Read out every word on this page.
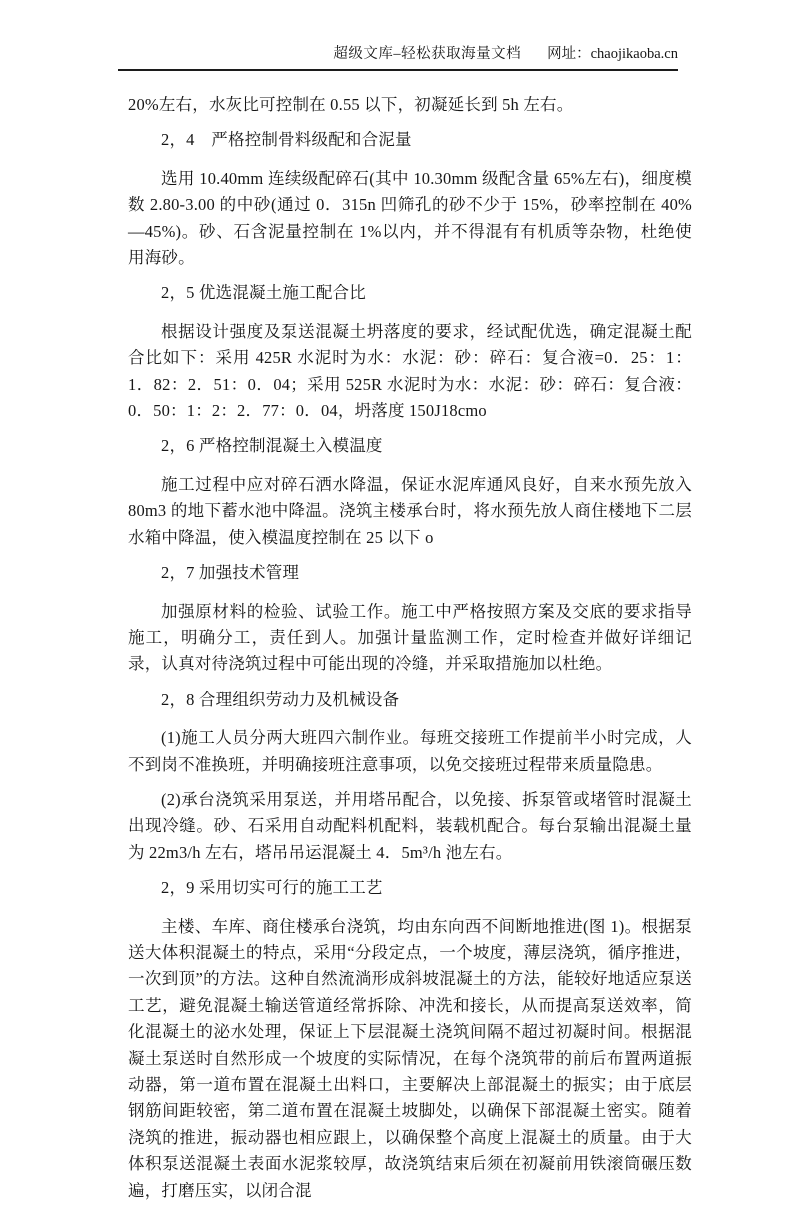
超级文库–轻松获取海量文档 网址：chaojikaoba.cn

20%左右，水灰比可控制在 0.55 以下，初凝延长到 5h 左右。

2，4　严格控制骨料级配和合泥量

选用 10.40mm 连续级配碎石(其中 10.30mm 级配含量 65%左右)，细度模数 2.80-3.00 的中砂(通过 0．315n 凹筛孔的砂不少于 15%，砂率控制在 40%—45%)。砂、石含泥量控制在 1%以内，并不得混有有机质等杂物，杜绝使用海砂。

2，5 优选混凝土施工配合比

根据设计强度及泵送混凝土坍落度的要求，经试配优选，确定混凝土配合比如下：采用 425R 水泥时为水：水泥：砂：碎石：复合液=0．25：1：1．82：2．51：0．04；采用 525R 水泥时为水：水泥：砂：碎石：复合液：0．50：1：2：2．77：0．04，坍落度 150J18cmo

2，6 严格控制混凝土入模温度

施工过程中应对碎石洒水降温，保证水泥库通风良好，自来水预先放入 80m3 的地下蓄水池中降温。浇筑主楼承台时，将水预先放人商住楼地下二层水箱中降温，使入模温度控制在 25 以下 o

2，7 加强技术管理

加强原材料的检验、试验工作。施工中严格按照方案及交底的要求指导施工，明确分工，责任到人。加强计量监测工作，定时检查并做好详细记录，认真对待浇筑过程中可能出现的冷缝，并采取措施加以杜绝。

2，8 合理组织劳动力及机械设备

(1)施工人员分两大班四六制作业。每班交接班工作提前半小时完成，人不到岗不准换班，并明确接班注意事项，以免交接班过程带来质量隐患。

(2)承台浇筑采用泵送，并用塔吊配合，以免接、拆泵管或堵管时混凝土出现冷缝。砂、石采用自动配料机配料，装载机配合。每台泵输出混凝土量为 22m3/h 左右，塔吊吊运混凝土 4．5m³/h 池左右。

2，9 采用切实可行的施工工艺

主楼、车库、商住楼承台浇筑，均由东向西不间断地推进(图 1)。根据泵送大体积混凝土的特点，采用“分段定点，一个坡度，薄层浇筑，循序推进，一次到顶”的方法。这种自然流淌形成斜坡混凝土的方法，能较好地适应泵送工艺，避免混凝土输送管道经常拆除、冲洗和接长，从而提高泵送效率，简化混凝土的泌水处理，保证上下层混凝土浇筑间隔不超过初凝时间。根据混凝土泵送时自然形成一个坡度的实际情况，在每个浇筑带的前后布置两道振动器，第一道布置在混凝土出料口，主要解决上部混凝土的振实；由于底层钢筋间距较密，第二道布置在混凝土坡脚处，以确保下部混凝土密实。随着浇筑的推进，振动器也相应跟上，以确保整个高度上混凝土的质量。由于大体积泵送混凝土表面水泥浆较厚，故浇筑结束后须在初凝前用铁滚筒碾压数遍，打磨压实，以闭合混
